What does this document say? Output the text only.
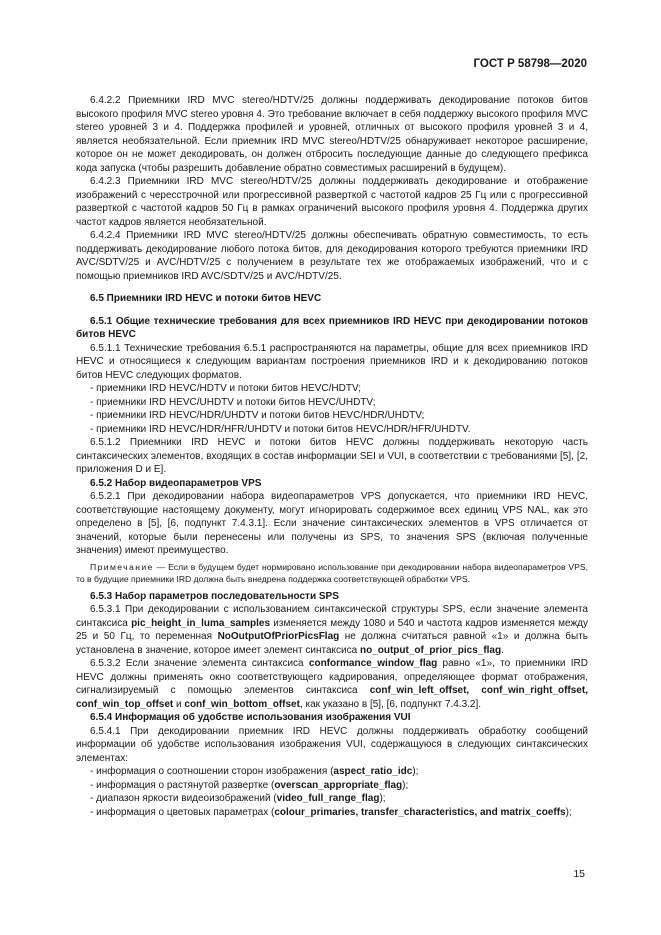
ГОСТ Р 58798—2020

6.4.2.2 Приемники IRD MVC stereo/HDTV/25 должны поддерживать декодирование потоков битов высокого профиля MVC stereo уровня 4. Это требование включает в себя поддержку высокого профиля MVC stereo уровней 3 и 4. Поддержка профилей и уровней, отличных от высокого профиля уровней 3 и 4, является необязательной. Если приемник IRD MVC stereo/HDTV/25 обнаруживает некоторое расширение, которое он не может декодировать, он должен отбросить последующие данные до следующего префикса кода запуска (чтобы разрешить добавление обратно совместимых расширений в будущем).

6.4.2.3 Приемники IRD MVC stereo/HDTV/25 должны поддерживать декодирование и отображение изображений с чересстрочной или прогрессивной разверткой с частотой кадров 25 Гц или с прогрессивной разверткой с частотой кадров 50 Гц в рамках ограничений высокого профиля уровня 4. Поддержка других частот кадров является необязательной.

6.4.2.4 Приемники IRD MVC stereo/HDTV/25 должны обеспечивать обратную совместимость, то есть поддерживать декодирование любого потока битов, для декодирования которого требуются приемники IRD AVC/SDTV/25 и AVC/HDTV/25 с получением в результате тех же отображаемых изображений, что и с помощью приемников IRD AVC/SDTV/25 и AVC/HDTV/25.

6.5 Приемники IRD HEVC и потоки битов HEVC

6.5.1 Общие технические требования для всех приемников IRD HEVC при декодировании потоков битов HEVC

6.5.1.1 Технические требования 6.5.1 распространяются на параметры, общие для всех приемников IRD HEVC и относящиеся к следующим вариантам построения приемников IRD и к декодированию потоков битов HEVC следующих форматов.

- приемники IRD HEVC/HDTV и потоки битов HEVC/HDTV;

- приемники IRD HEVC/UHDTV и потоки битов HEVC/UHDTV;

- приемники IRD HEVC/HDR/UHDTV и потоки битов HEVC/HDR/UHDTV;

- приемники IRD HEVC/HDR/HFR/UHDTV и потоки битов HEVC/HDR/HFR/UHDTV.

6.5.1.2 Приемники IRD HEVC и потоки битов HEVC должны поддерживать некоторую часть синтаксических элементов, входящих в состав информации SEI и VUI, в соответствии с требованиями [5], [2, приложения D и E].

6.5.2 Набор видеопараметров VPS

6.5.2.1 При декодировании набора видеопараметров VPS допускается, что приемники IRD HEVC, соответствующие настоящему документу, могут игнорировать содержимое всех единиц VPS NAL, как это определено в [5], [6, подпункт 7.4.3.1]. Если значение синтаксических элементов в VPS отличается от значений, которые были перенесены или получены из SPS, то значения SPS (включая полученные значения) имеют преимущество.

Примечание — Если в будущем будет нормировано использование при декодировании набора видеопараметров VPS, то в будущие приемники IRD должна быть внедрена поддержка соответствующей обработки VPS.

6.5.3 Набор параметров последовательности SPS

6.5.3.1 При декодировании с использованием синтаксической структуры SPS, если значение элемента синтаксиса pic_height_in_luma_samples изменяется между 1080 и 540 и частота кадров изменяется между 25 и 50 Гц, то переменная NoOutputOfPriorPicsFlag не должна считаться равной «1» и должна быть установлена в значение, которое имеет элемент синтаксиса no_output_of_prior_pics_flag.

6.5.3.2 Если значение элемента синтаксиса conformance_window_flag равно «1», то приемники IRD HEVC должны применять окно соответствующего кадрирования, определяющее формат отображения, сигнализируемый с помощью элементов синтаксиса conf_win_left_offset, conf_win_right_offset, conf_win_top_offset и conf_win_bottom_offset, как указано в [5], [6, подпункт 7.4.3.2].

6.5.4 Информация об удобстве использования изображения VUI

6.5.4.1 При декодировании приемник IRD HEVC должны поддерживать обработку сообщений информации об удобстве использования изображения VUI, содержащуюся в следующих синтаксических элементах:

- информация о соотношении сторон изображения (aspect_ratio_idc);

- информация о растянутой развертке (overscan_appropriate_flag);

- диапазон яркости видеоизображений (video_full_range_flag);

- информация о цветовых параметрах (colour_primaries, transfer_characteristics, and matrix_coeffs);

15
